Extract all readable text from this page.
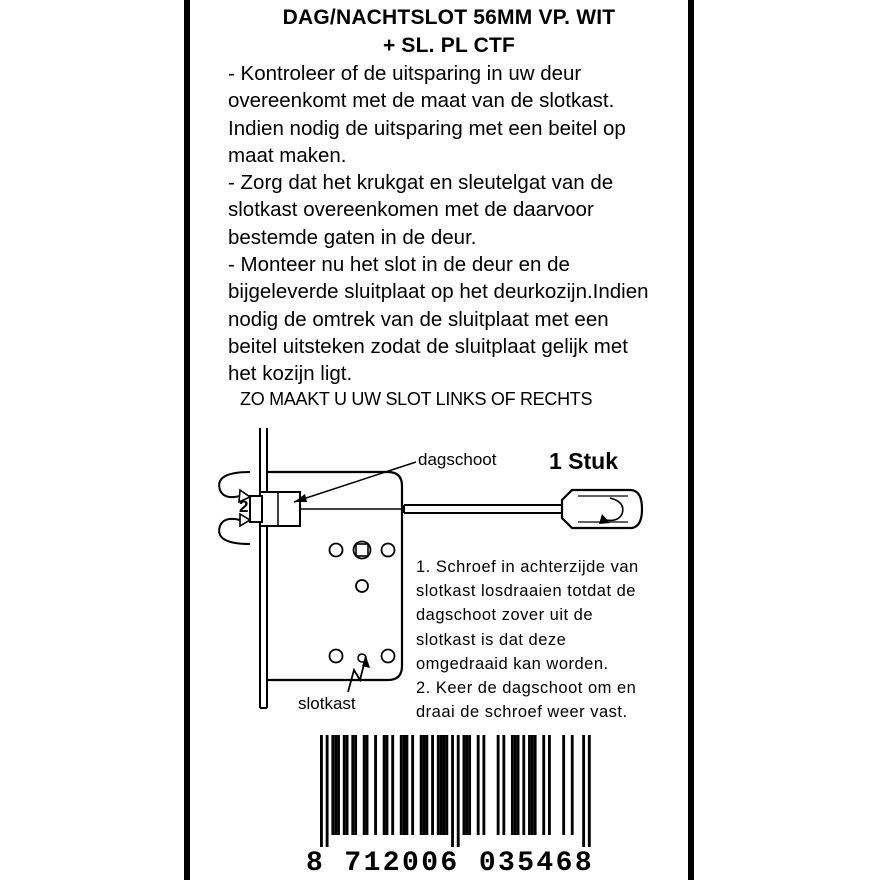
DAG/NACHTSLOT 56MM VP. WIT
+ SL. PL CTF

- Kontroleer of de uitsparing in uw deur

overeenkomt met de maat van de slotkast.

Indien nodig de uitsparing met een beitel op

maat maken.

- Zorg dat het krukgat en sleutelgat van de

slotkast overeenkomen met de daarvoor

bestemde gaten in de deur.

- Monteer nu het slot in de deur en de

bijgeleverde sluitplaat op het deurkozijn.Indien

nodig de omtrek van de sluitplaat met een

beitel uitsteken zodat de sluitplaat gelijk met

het kozijn ligt.

ZO MAAKT U UW SLOT LINKS OF RECHTS
2
dagschoot
slotkast
1 Stuk

1. Schroef in achterzijde van

slotkast losdraaien totdat de

dagschoot zover uit de

slotkast is dat deze

omgedraaid kan worden.

2. Keer de dagschoot om en

draai de schroef weer vast.

8 712006 035468
